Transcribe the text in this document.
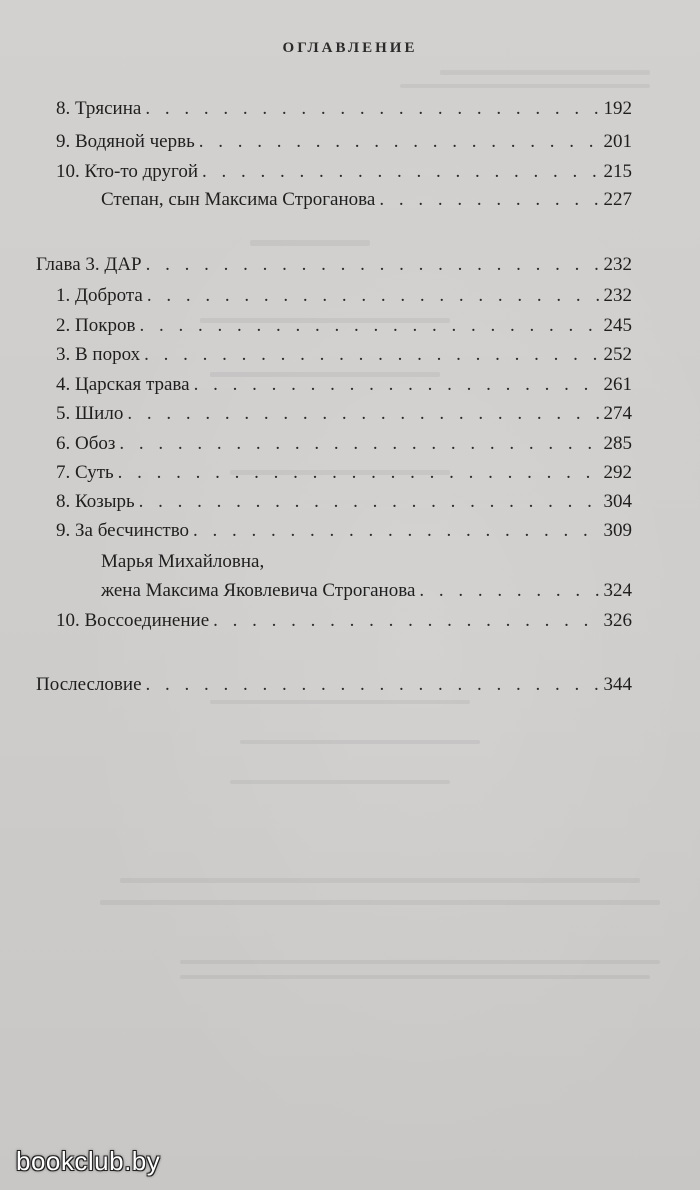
ОГЛАВЛЕНИЕ
8. Трясина . . .	192
9. Водяной червь . . .	201
10. Кто-то другой . . .	215
Степан, сын Максима Строганова . . .	227
Глава 3. ДАР . . .	232
1. Доброта . . .	232
2. Покров . . .	245
3. В порох . . .	252
4. Царская трава . . .	261
5. Шило . . .	274
6. Обоз . . .	285
7. Суть . . .	292
8. Козырь . . .	304
9. За бесчинство . . .	309
Марья Михайловна,
жена Максима Яковлевича Строганова . . .	324
10. Воссоединение . . .	326
Послесловие . . .	344
bookclub.by
